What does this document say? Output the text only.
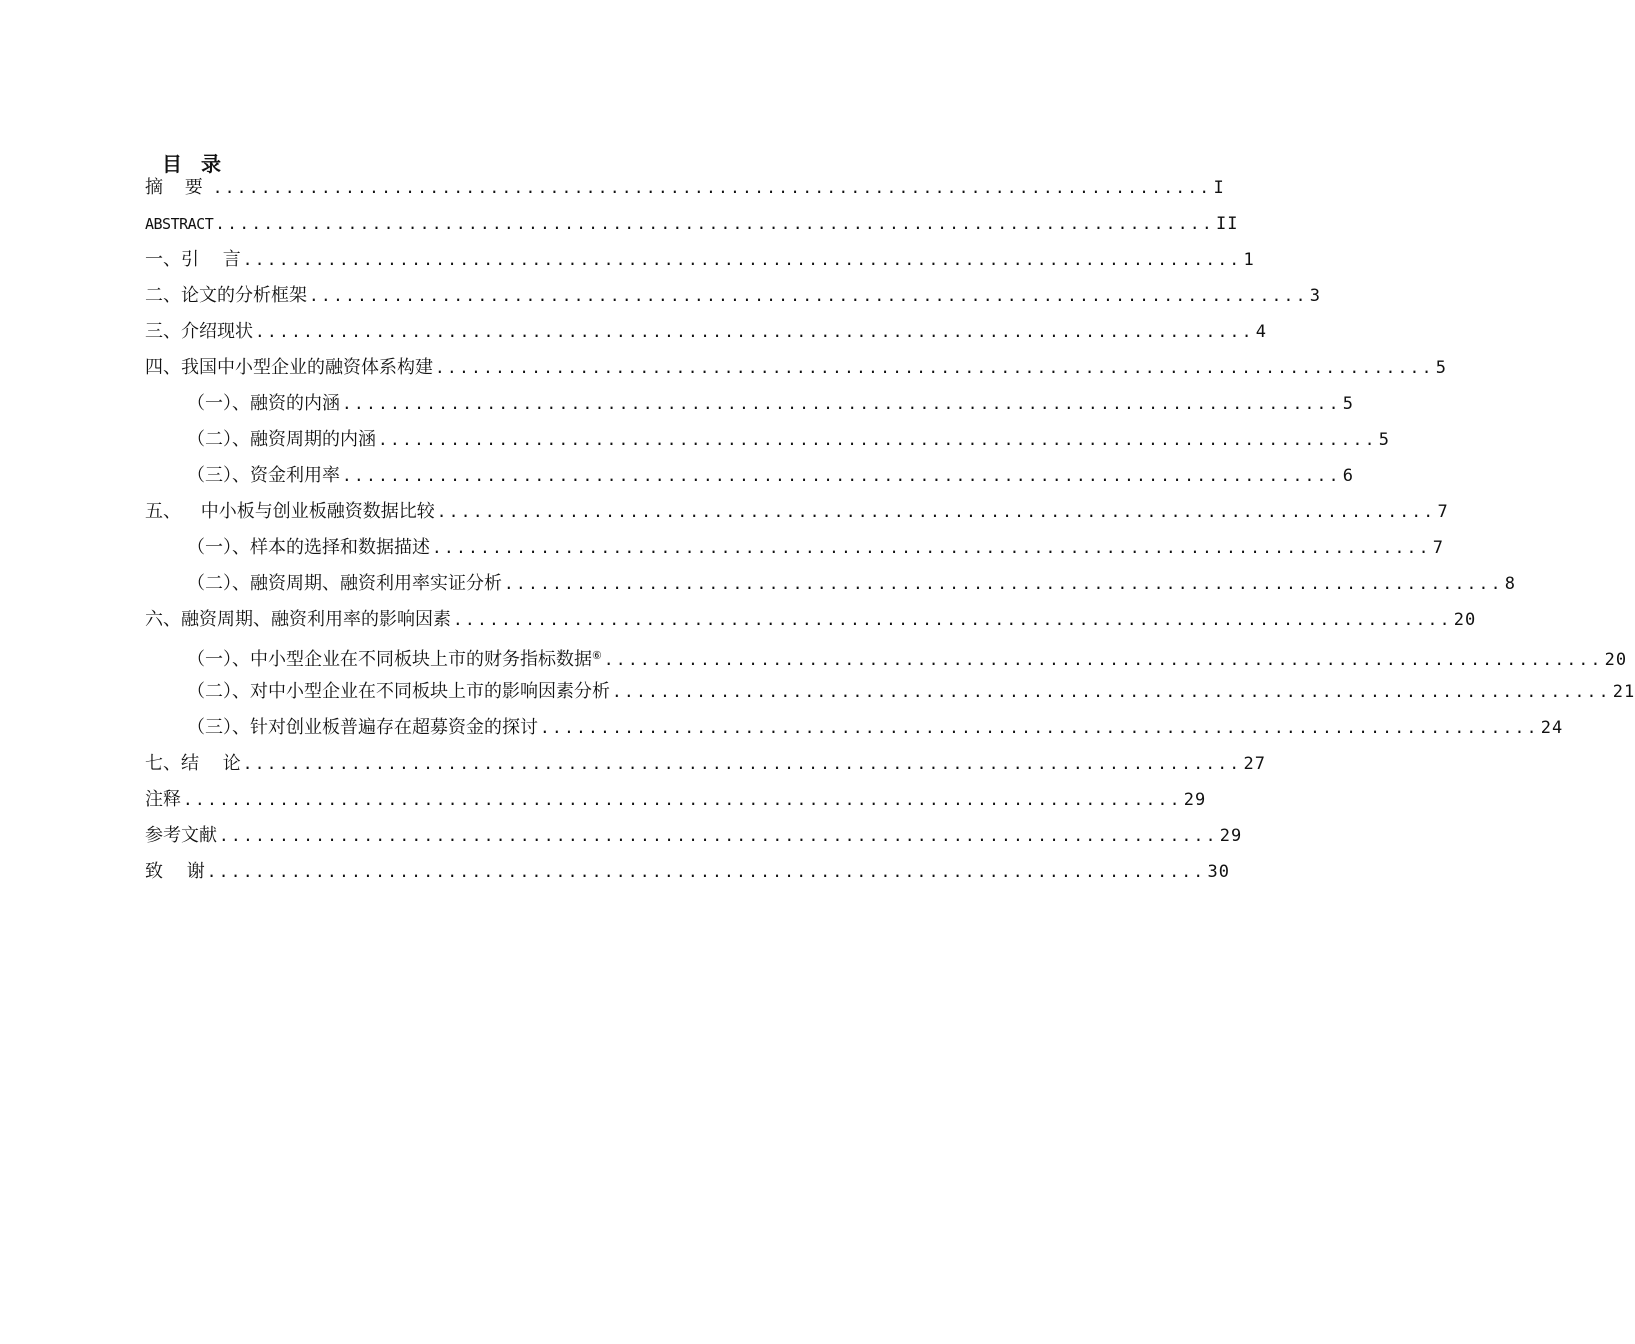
目 录
摘 要 ................................................................................... I
ABSTRACT ................................................................................... II
一、引 言 ................................................................................... 1
二、论文的分析框架 ................................................................................... 3
三、介绍现状 ................................................................................... 4
四、我国中小型企业的融资体系构建 ................................................................................... 5
（一）、融资的内涵 ................................................................................... 5
（二）、融资周期的内涵 ................................................................................... 5
（三）、资金利用率 ................................................................................... 6
五、 中小板与创业板融资数据比较 ................................................................................... 7
（一）、样本的选择和数据描述 ................................................................................... 7
（二）、融资周期、融资利用率实证分析 ................................................................................... 8
六、融资周期、融资利用率的影响因素 ................................................................................... 20
（一）、中小型企业在不同板块上市的财务指标数据⑥ ................................................................................... 20
（二）、对中小型企业在不同板块上市的影响因素分析 ................................................................................... 21
（三）、针对创业板普遍存在超募资金的探讨 ................................................................................... 24
七、结 论 ................................................................................... 27
注释 ................................................................................... 29
参考文献 ................................................................................... 29
致 谢 ................................................................................... 30
